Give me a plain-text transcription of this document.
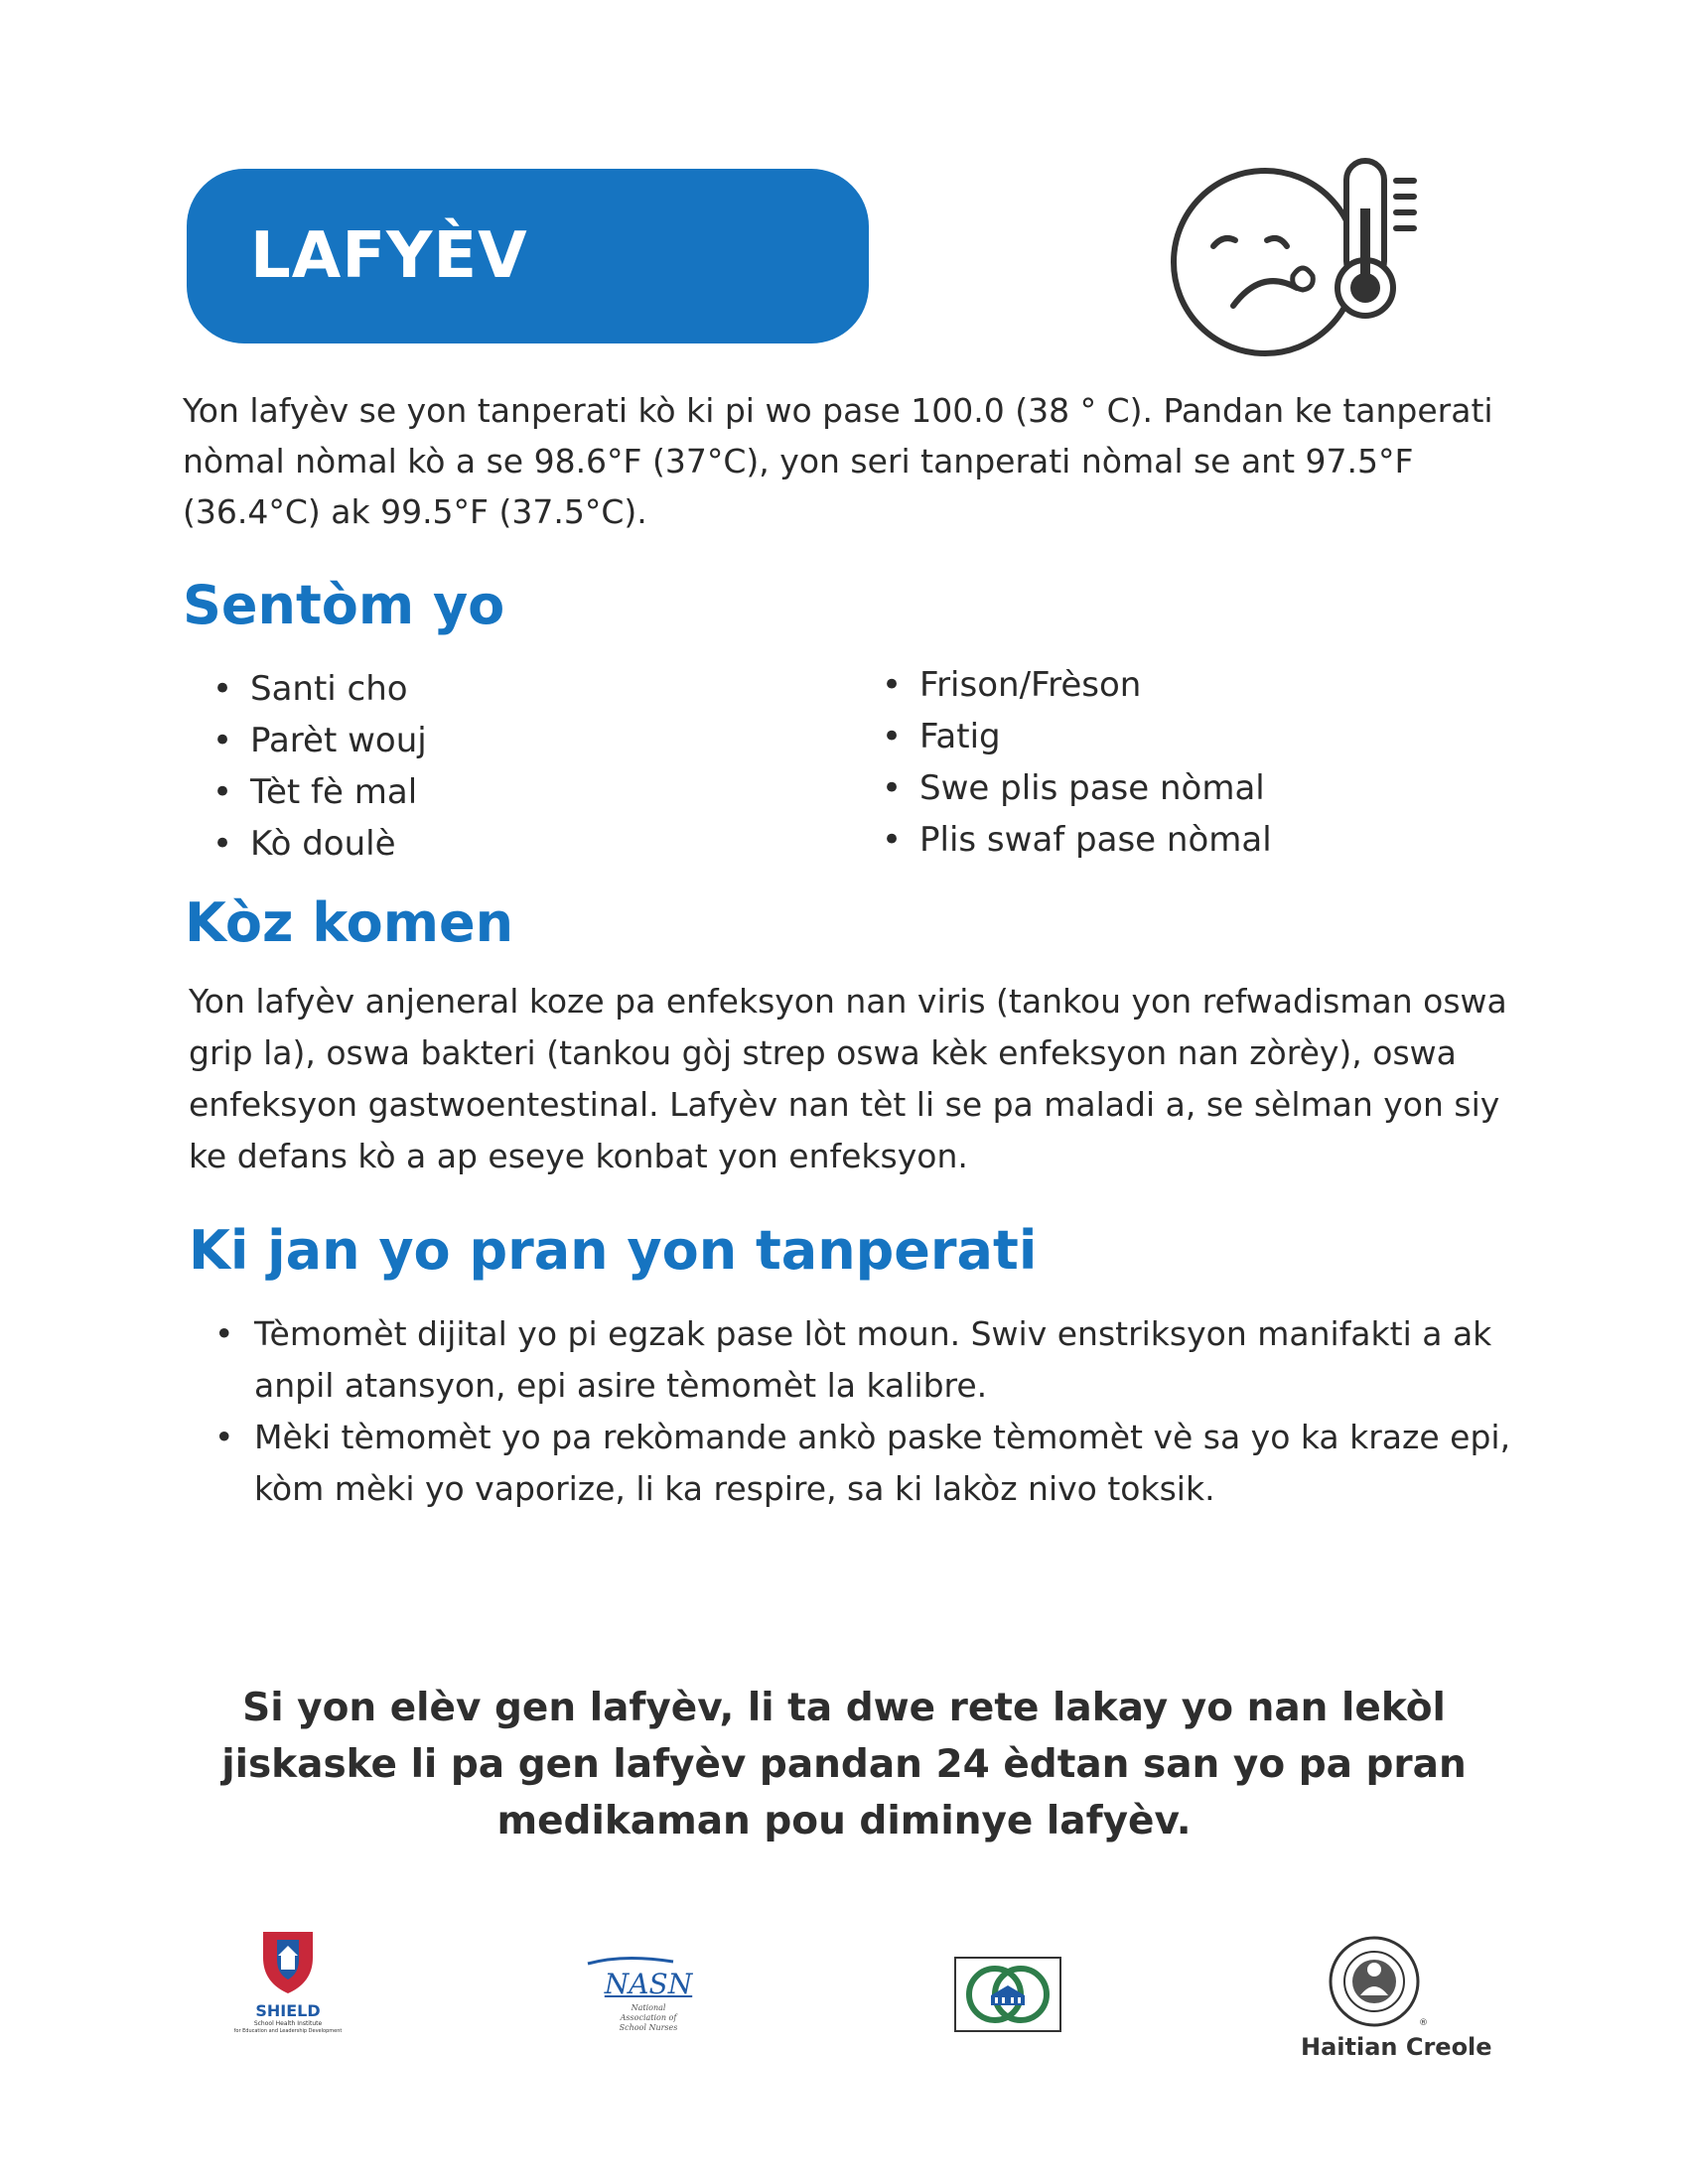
LAFYÈV

Yon lafyèv se yon tanperati kò ki pi wo pase 100.0 (38 ° C). Pandan ke tanperati nòmal nòmal kò a se 98.6°F (37°C), yon seri tanperati nòmal se ant 97.5°F (36.4°C) ak 99.5°F (37.5°C).

Sentòm yo
• Santi cho
• Parèt wouj
• Tèt fè mal
• Kò doulè
• Frison/Frèson
• Fatig
• Swe plis pase nòmal
• Plis swaf pase nòmal
Kòz komen

Yon lafyèv anjeneral koze pa enfeksyon nan viris (tankou yon refwadisman oswa grip la), oswa bakteri (tankou gòj strep oswa kèk enfeksyon nan zòrèy), oswa enfeksyon gastwoentestinal. Lafyèv nan tèt li se pa maladi a, se sèlman yon siy ke defans kò a ap eseye konbat yon enfeksyon.

Ki jan yo pran yon tanperati
• Tèmomèt dijital yo pi egzak pase lòt moun. Swiv enstriksyon manifakti a ak anpil atansyon, epi asire tèmomèt la kalibre.
• Mèki tèmomèt yo pa rekòmande ankò paske tèmomèt vè sa yo ka kraze epi, kòm mèki yo vaporize, li ka respire, sa ki lakòz nivo toksik.

Si yon elèv gen lafyèv, li ta dwe rete lakay yo nan lekòl jiskaske li pa gen lafyèv pandan 24 èdtan san yo pa pran medikaman pou diminye lafyèv.

SHIELD
School Health Institute
for Education and Leadership Development
NASN
National
Association of
School Nurses	®
Haitian Creole
